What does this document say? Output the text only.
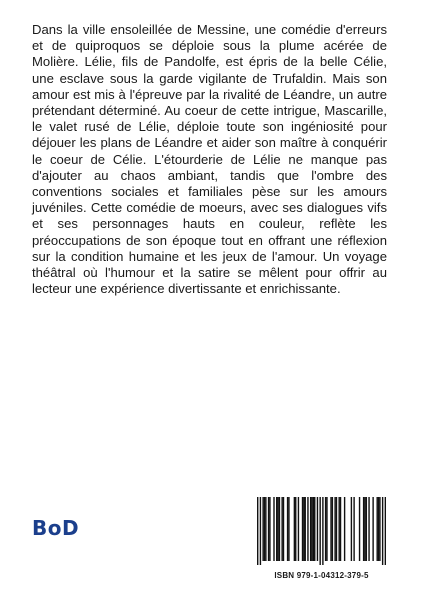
Dans la ville ensoleillée de Messine, une comédie d'erreurs et de quiproquos se déploie sous la plume acérée de Molière. Lélie, fils de Pandolfe, est épris de la belle Célie, une esclave sous la garde vigilante de Trufaldin. Mais son amour est mis à l'épreuve par la rivalité de Léandre, un autre prétendant déterminé. Au coeur de cette intrigue, Mascarille, le valet rusé de Lélie, déploie toute son ingéniosité pour déjouer les plans de Léandre et aider son maître à conquérir le coeur de Célie. L'étourderie de Lélie ne manque pas d'ajouter au chaos ambiant, tandis que l'ombre des conventions sociales et familiales pèse sur les amours juvéniles. Cette comédie de moeurs, avec ses dialogues vifs et ses personnages hauts en couleur, reflète les préoccupations de son époque tout en offrant une réflexion sur la condition humaine et les jeux de l'amour. Un voyage théâtral où l'humour et la satire se mêlent pour offrir au lecteur une expérience divertissante et enrichissante.

BoD
ISBN 979-1-04312-379-5
